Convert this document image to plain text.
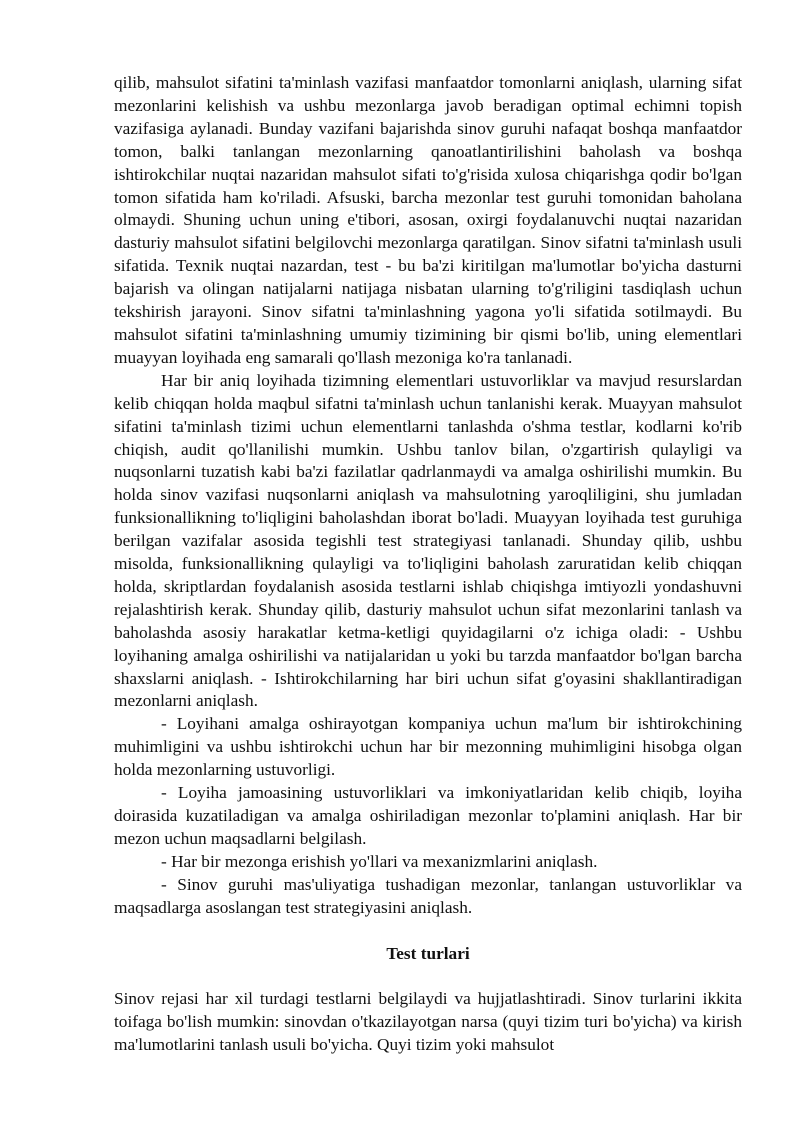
qilib, mahsulot sifatini ta'minlash vazifasi manfaatdor tomonlarni aniqlash, ularning sifat mezonlarini kelishish va ushbu mezonlarga javob beradigan optimal echimni topish vazifasiga aylanadi. Bunday vazifani bajarishda sinov guruhi nafaqat boshqa manfaatdor tomon, balki tanlangan mezonlarning qanoatlantirilishini baholash va boshqa ishtirokchilar nuqtai nazaridan mahsulot sifati to'g'risida xulosa chiqarishga qodir bo'lgan tomon sifatida ham ko'riladi. Afsuski, barcha mezonlar test guruhi tomonidan baholana olmaydi. Shuning uchun uning e'tibori, asosan, oxirgi foydalanuvchi nuqtai nazaridan dasturiy mahsulot sifatini belgilovchi mezonlarga qaratilgan. Sinov sifatni ta'minlash usuli sifatida. Texnik nuqtai nazardan, test - bu ba'zi kiritilgan ma'lumotlar bo'yicha dasturni bajarish va olingan natijalarni natijaga nisbatan ularning to'g'riligini tasdiqlash uchun tekshirish jarayoni. Sinov sifatni ta'minlashning yagona yo'li sifatida sotilmaydi. Bu mahsulot sifatini ta'minlashning umumiy tizimining bir qismi bo'lib, uning elementlari muayyan loyihada eng samarali qo'llash mezoniga ko'ra tanlanadi.

Har bir aniq loyihada tizimning elementlari ustuvorliklar va mavjud resurslardan kelib chiqqan holda maqbul sifatni ta'minlash uchun tanlanishi kerak. Muayyan mahsulot sifatini ta'minlash tizimi uchun elementlarni tanlashda o'shma testlar, kodlarni ko'rib chiqish, audit qo'llanilishi mumkin. Ushbu tanlov bilan, o'zgartirish qulayligi va nuqsonlarni tuzatish kabi ba'zi fazilatlar qadrlanmaydi va amalga oshirilishi mumkin. Bu holda sinov vazifasi nuqsonlarni aniqlash va mahsulotning yaroqliligini, shu jumladan funksionallikning to'liqligini baholashdan iborat bo'ladi. Muayyan loyihada test guruhiga berilgan vazifalar asosida tegishli test strategiyasi tanlanadi. Shunday qilib, ushbu misolda, funksionallikning qulayligi va to'liqligini baholash zaruratidan kelib chiqqan holda, skriptlardan foydalanish asosida testlarni ishlab chiqishga imtiyozli yondashuvni rejalashtirish kerak. Shunday qilib, dasturiy mahsulot uchun sifat mezonlarini tanlash va baholashda asosiy harakatlar ketma-ketligi quyidagilarni o'z ichiga oladi: - Ushbu loyihaning amalga oshirilishi va natijalaridan u yoki bu tarzda manfaatdor bo'lgan barcha shaxslarni aniqlash. - Ishtirokchilarning har biri uchun sifat g'oyasini shakllantiradigan mezonlarni aniqlash.

- Loyihani amalga oshirayotgan kompaniya uchun ma'lum bir ishtirokchining muhimligini va ushbu ishtirokchi uchun har bir mezonning muhimligini hisobga olgan holda mezonlarning ustuvorligi.

- Loyiha jamoasining ustuvorliklari va imkoniyatlaridan kelib chiqib, loyiha doirasida kuzatiladigan va amalga oshiriladigan mezonlar to'plamini aniqlash. Har bir mezon uchun maqsadlarni belgilash.

- Har bir mezonga erishish yo'llari va mexanizmlarini aniqlash.

- Sinov guruhi mas'uliyatiga tushadigan mezonlar, tanlangan ustuvorliklar va maqsadlarga asoslangan test strategiyasini aniqlash.

Test turlari

Sinov rejasi har xil turdagi testlarni belgilaydi va hujjatlashtiradi. Sinov turlarini ikkita toifaga bo'lish mumkin: sinovdan o'tkazilayotgan narsa (quyi tizim turi bo'yicha) va kirish ma'lumotlarini tanlash usuli bo'yicha. Quyi tizim yoki mahsulot
